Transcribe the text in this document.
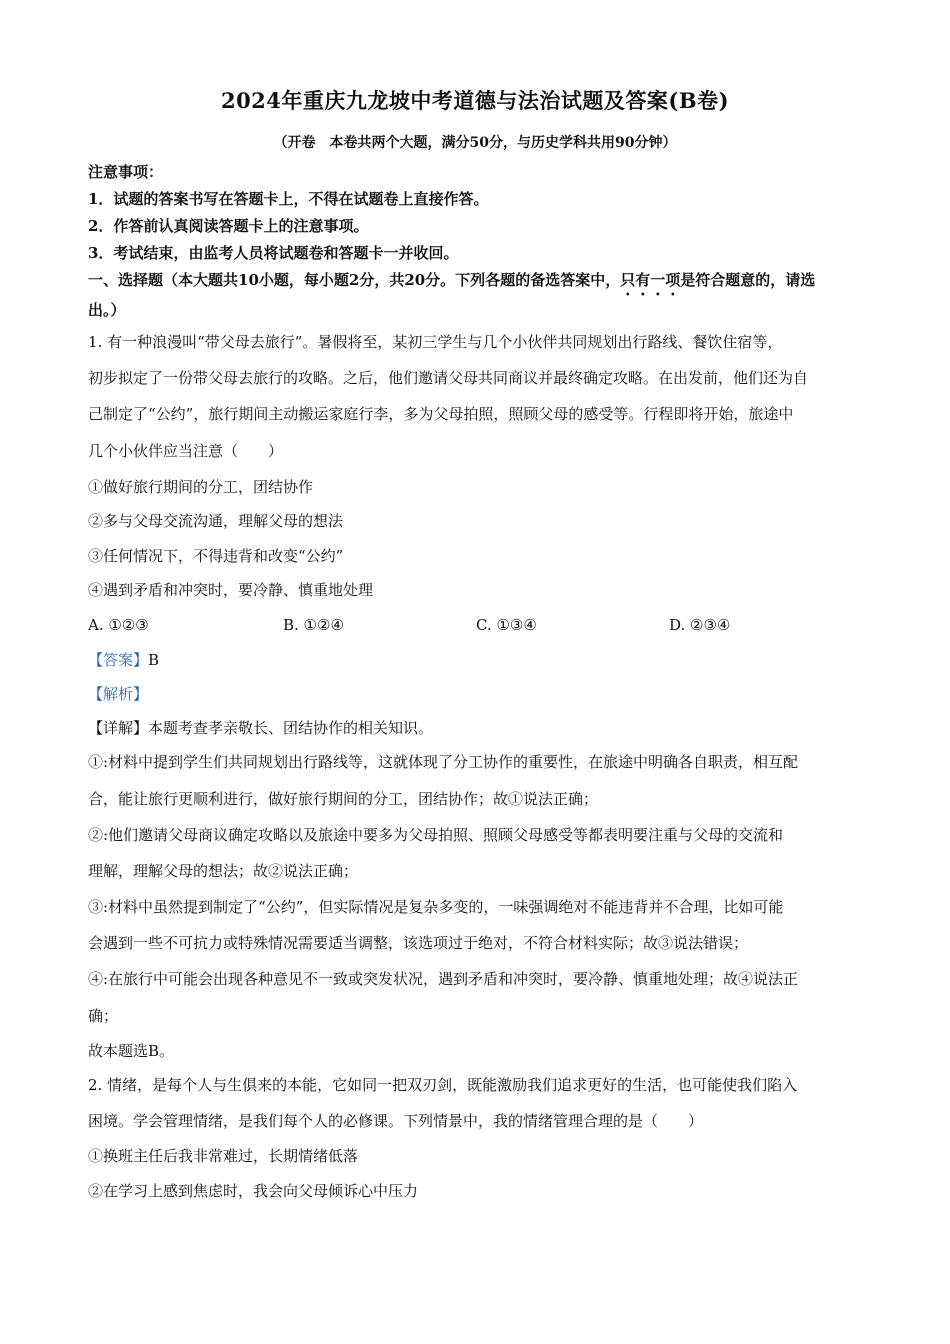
2024年重庆九龙坡中考道德与法治试题及答案(B卷)
（开卷　本卷共两个大题，满分50分，与历史学科共用90分钟）
注意事项：
1．试题的答案书写在答题卡上，不得在试题卷上直接作答。
2．作答前认真阅读答题卡上的注意事项。
3．考试结束，由监考人员将试题卷和答题卡一并收回。
一、选择题（本大题共10小题，每小题2分，共20分。下列各题的备选答案中，只有一项是符合题意的，请选
出。）
1. 有一种浪漫叫“带父母去旅行”。暑假将至，某初三学生与几个小伙伴共同规划出行路线、餐饮住宿等，
初步拟定了一份带父母去旅行的攻略。之后，他们邀请父母共同商议并最终确定攻略。在出发前，他们还为自
己制定了“公约”，旅行期间主动搬运家庭行李，多为父母拍照，照顾父母的感受等。行程即将开始，旅途中
几个小伙伴应当注意（　　）
①做好旅行期间的分工，团结协作
②多与父母交流沟通，理解父母的想法
③任何情况下，不得违背和改变“公约”
④遇到矛盾和冲突时，要冷静、慎重地处理
A. ①②③	B. ①②④	C. ①③④	D. ②③④
【答案】B
【解析】
【详解】本题考查孝亲敬长、团结协作的相关知识。
①:材料中提到学生们共同规划出行路线等，这就体现了分工协作的重要性，在旅途中明确各自职责，相互配
合，能让旅行更顺利进行，做好旅行期间的分工，团结协作；故①说法正确；
②:他们邀请父母商议确定攻略以及旅途中要多为父母拍照、照顾父母感受等都表明要注重与父母的交流和
理解，理解父母的想法；故②说法正确；
③:材料中虽然提到制定了“公约”，但实际情况是复杂多变的，一味强调绝对不能违背并不合理，比如可能
会遇到一些不可抗力或特殊情况需要适当调整，该选项过于绝对，不符合材料实际；故③说法错误；
④:在旅行中可能会出现各种意见不一致或突发状况，遇到矛盾和冲突时，要冷静、慎重地处理；故④说法正
确；
故本题选B。
2. 情绪，是每个人与生俱来的本能，它如同一把双刃剑，既能激励我们追求更好的生活，也可能使我们陷入
困境。学会管理情绪，是我们每个人的必修课。下列情景中，我的情绪管理合理的是（　　）
①换班主任后我非常难过，长期情绪低落
②在学习上感到焦虑时，我会向父母倾诉心中压力
